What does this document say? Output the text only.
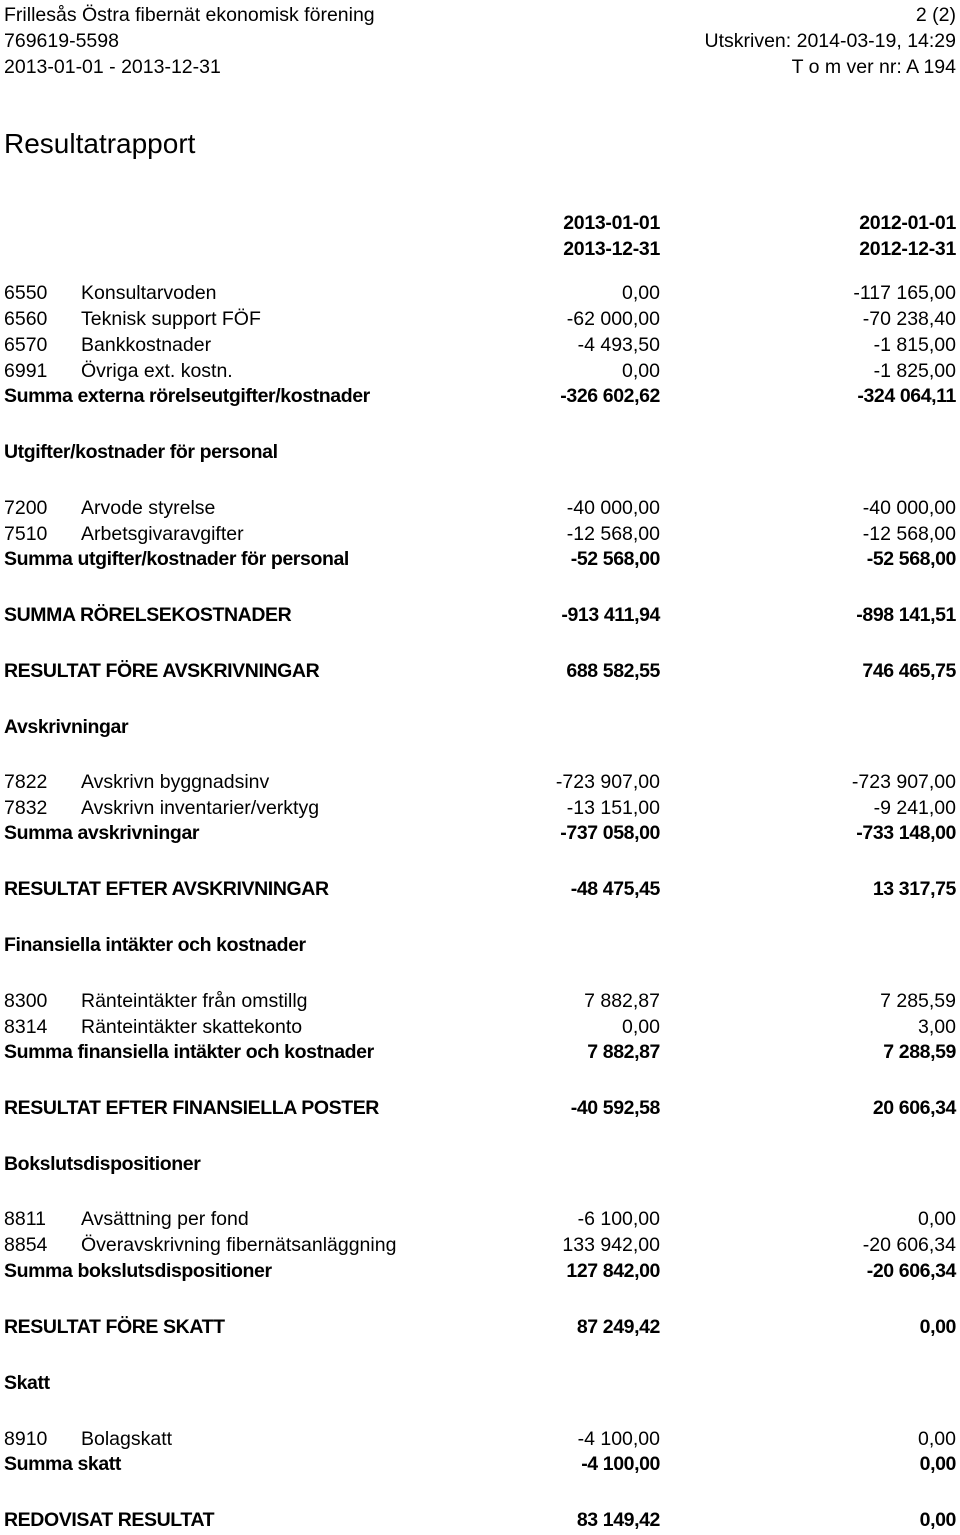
Frillesås Östra fibernät ekonomisk förening	2 (2)
769619-5598	Utskriven: 2014-03-19, 14:29
2013-01-01 - 2013-12-31	T o m ver nr: A 194
Resultatrapport
2013-01-01	2012-01-01
2013-12-31	2012-12-31
6550 Konsultarvoden	0,00	-117 165,00
6560 Teknisk support FÖF	-62 000,00	-70 238,40
6570 Bankkostnader	-4 493,50	-1 815,00
6991 Övriga ext. kostn.	0,00	-1 825,00
Summa externa rörelseutgifter/kostnader	-326 602,62	-324 064,11
Utgifter/kostnader för personal
7200 Arvode styrelse	-40 000,00	-40 000,00
7510 Arbetsgivaravgifter	-12 568,00	-12 568,00
Summa utgifter/kostnader för personal	-52 568,00	-52 568,00
SUMMA RÖRELSEKOSTNADER	-913 411,94	-898 141,51
RESULTAT FÖRE AVSKRIVNINGAR	688 582,55	746 465,75
Avskrivningar
7822 Avskrivn byggnadsinv	-723 907,00	-723 907,00
7832 Avskrivn inventarier/verktyg	-13 151,00	-9 241,00
Summa avskrivningar	-737 058,00	-733 148,00
RESULTAT EFTER AVSKRIVNINGAR	-48 475,45	13 317,75
Finansiella intäkter och kostnader
8300 Ränteintäkter från omstillg	7 882,87	7 285,59
8314 Ränteintäkter skattekonto	0,00	3,00
Summa finansiella intäkter och kostnader	7 882,87	7 288,59
RESULTAT EFTER FINANSIELLA POSTER	-40 592,58	20 606,34
Bokslutsdispositioner
8811 Avsättning per fond	-6 100,00	0,00
8854 Överavskrivning fibernätsanläggning	133 942,00	-20 606,34
Summa bokslutsdispositioner	127 842,00	-20 606,34
RESULTAT FÖRE SKATT	87 249,42	0,00
Skatt
8910 Bolagskatt	-4 100,00	0,00
Summa skatt	-4 100,00	0,00
REDOVISAT RESULTAT	83 149,42	0,00
